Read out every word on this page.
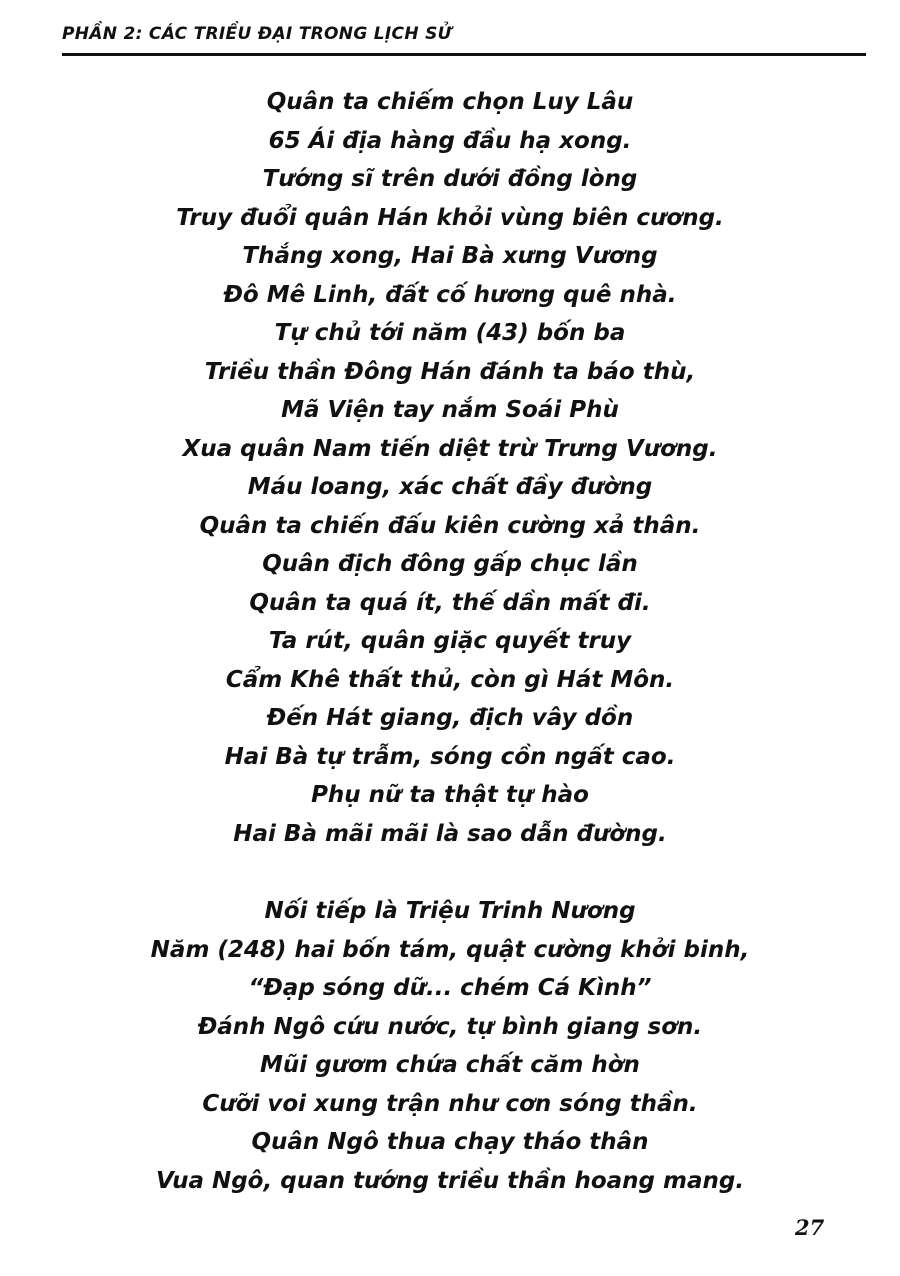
PHẦN 2: CÁC TRIỀU ĐẠI TRONG LỊCH SỬ
Quân ta chiếm chọn Luy Lâu
65 Ái địa hàng đầu hạ xong.
Tướng sĩ trên dưới đồng lòng
Truy đuổi quân Hán khỏi vùng biên cương.
Thắng xong, Hai Bà xưng Vương
Đô Mê Linh, đất cố hương quê nhà.
Tự chủ tới năm (43) bốn ba
Triều thần Đông Hán đánh ta báo thù,
Mã Viện tay nắm Soái Phù
Xua quân Nam tiến diệt trừ Trưng Vương.
Máu loang, xác chất đầy đường
Quân ta chiến đấu kiên cường xả thân.
Quân địch đông gấp chục lần
Quân ta quá ít, thế dần mất đi.
Ta rút, quân giặc quyết truy
Cẩm Khê thất thủ, còn gì Hát Môn.
Đến Hát giang, địch vây dồn
Hai Bà tự trẫm, sóng cồn ngất cao.
Phụ nữ ta thật tự hào
Hai Bà mãi mãi là sao dẫn đường.
Nối tiếp là Triệu Trinh Nương
Năm (248) hai bốn tám, quật cường khởi binh,
“Đạp sóng dữ... chém Cá Kình”
Đánh Ngô cứu nước, tự bình giang sơn.
Mũi gươm chứa chất căm hờn
Cưỡi voi xung trận như cơn sóng thần.
Quân Ngô thua chạy tháo thân
Vua Ngô, quan tướng triều thần hoang mang.
27
